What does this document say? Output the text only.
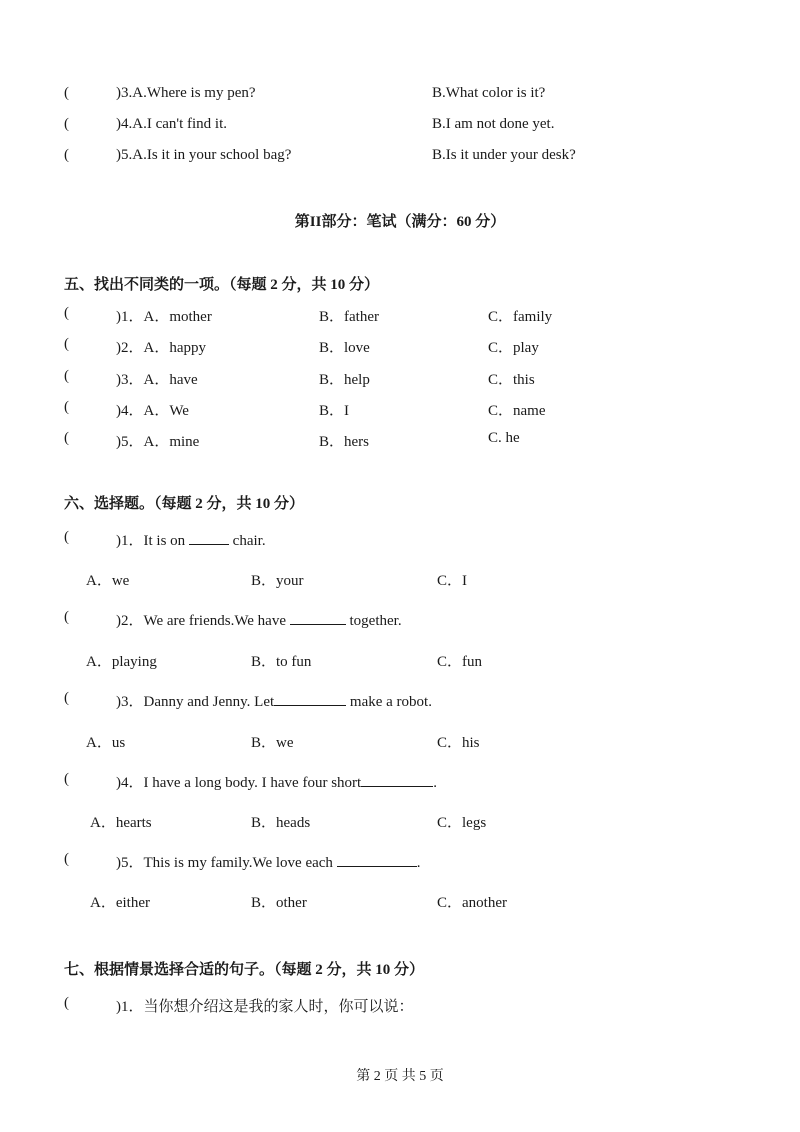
(	)3.A.Where is my pen?	B.What color is it?
(	)4.A.I can't find it.	B.I am not done yet.
(	)5.A.Is it in your school bag?	B.Is it under your desk?
第II部分：笔试（满分：60 分）
五、找出不同类的一项。（每题 2 分，共 10 分）
(	)1．A．mother	B．father	C．family
(	)2．A．happy	B．love	C．play
(	)3．A．have	B．help	C．this
(	)4．A．We	B．I	C．name
(	)5．A．mine	B．hers	C. he
六、选择题。（每题 2 分，共 10 分）
(	)1．It is on	chair.
A．we	B．your	C．I
(	)2．We are friends.We have	together.
A．playing	B．to fun	C．fun
(	)3．Danny and Jenny. Let	make a robot.
A．us	B．we	C．his
(	)4．I have a long body. I have four short	.
A．hearts	B．heads	C．legs
(	)5．This is my family.We love each	.
A．either	B．other	C．another
七、根据情景选择合适的句子。（每题 2 分，共 10 分）
(	)1．当你想介绍这是我的家人时，你可以说：
第 2 页 共 5 页
